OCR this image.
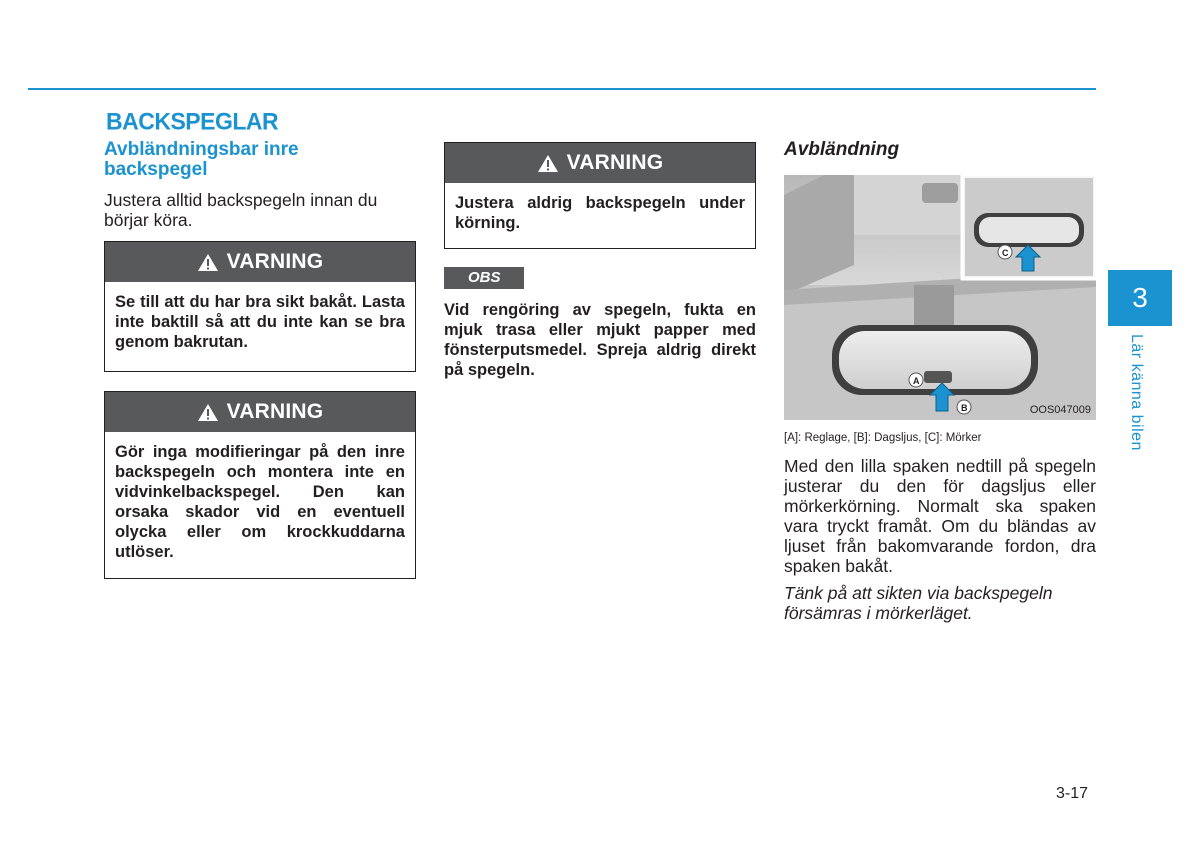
BACKSPEGLAR
Avbländningsbar inre backspegel
Justera alltid backspegeln innan du börjar köra.
VARNING
Se till att du har bra sikt bakåt. Lasta inte baktill så att du inte kan se bra genom bakrutan.
VARNING
Gör inga modifieringar på den inre backspegeln och montera inte en vidvinkelbackspegel. Den kan orsaka skador vid en eventuell olycka eller om krockkuddarna utlöser.
VARNING
Justera aldrig backspegeln under körning.
OBS
Vid rengöring av spegeln, fukta en mjuk trasa eller mjukt papper med fönsterputsmedel. Spreja aldrig direkt på spegeln.
Avbländning
C
A
B	OOS047009
[A]: Reglage, [B]: Dagsljus, [C]: Mörker
Med den lilla spaken nedtill på spegeln justerar du den för dagsljus eller mörkerkörning. Normalt ska spaken vara tryckt framåt. Om du bländas av ljuset från bakomvarande fordon, dra spaken bakåt.
Tänk på att sikten via backspegeln försämras i mörkerläget.
3
Lär känna bilen
3-17
